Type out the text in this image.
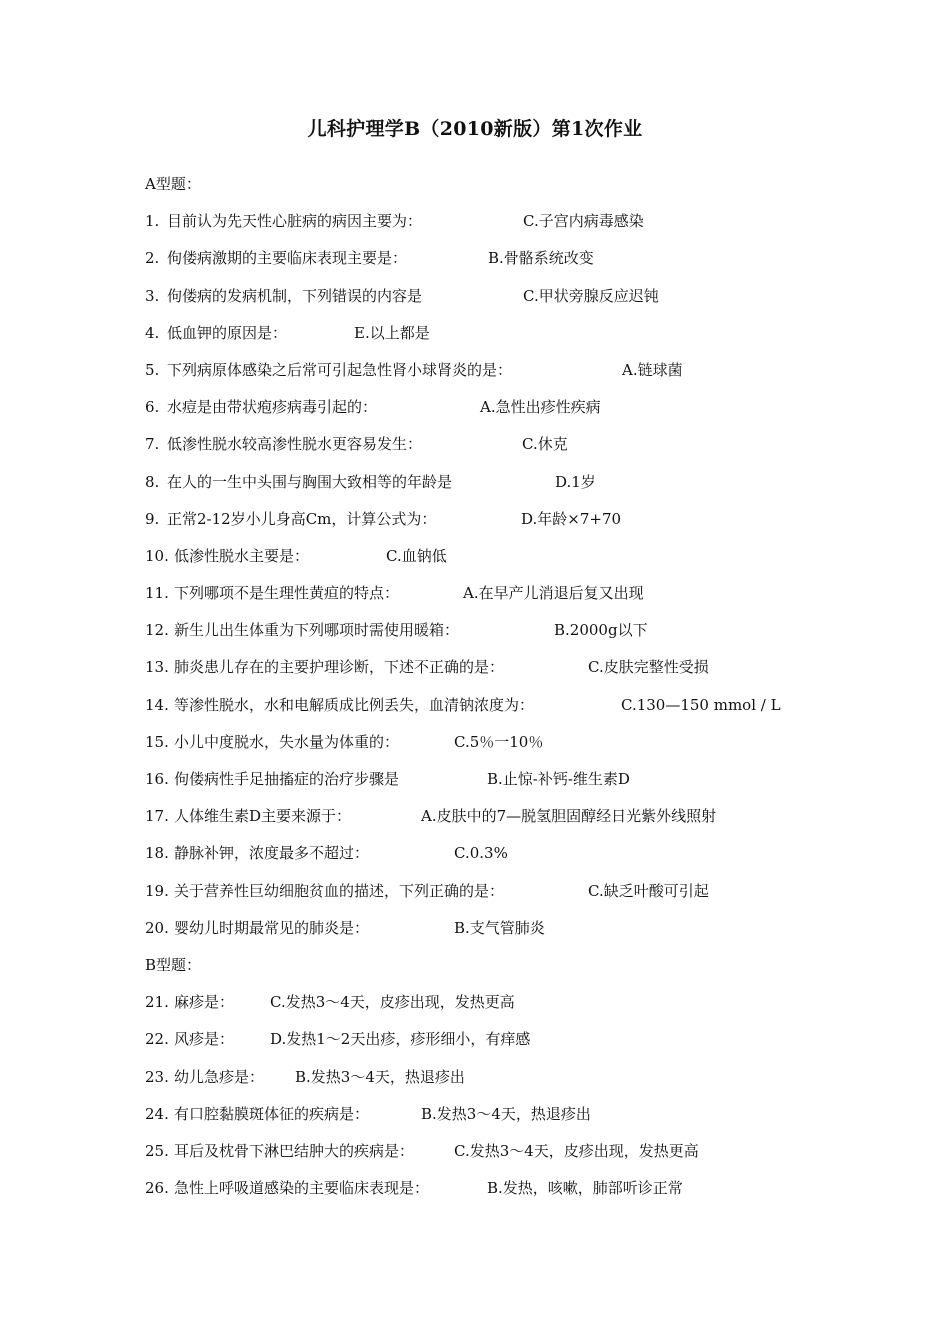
儿科护理学B（2010新版）第1次作业
A型题：
1. 目前认为先天性心脏病的病因主要为：	C.子宫内病毒感染
2. 佝偻病激期的主要临床表现主要是：	B.骨骼系统改变
3. 佝偻病的发病机制，下列错误的内容是	C.甲状旁腺反应迟钝
4. 低血钾的原因是：	E.以上都是
5. 下列病原体感染之后常可引起急性肾小球肾炎的是：	A.链球菌
6. 水痘是由带状疱疹病毒引起的：	A.急性出疹性疾病
7. 低渗性脱水较高渗性脱水更容易发生：	C.休克
8. 在人的一生中头围与胸围大致相等的年龄是	D.1岁
9. 正常2-12岁小儿身高Cm，计算公式为：	D.年龄×7+70
10. 低渗性脱水主要是：	C.血钠低
11. 下列哪项不是生理性黄疸的特点：	A.在早产儿消退后复又出现
12. 新生儿出生体重为下列哪项时需使用暖箱：	B.2000g以下
13. 肺炎患儿存在的主要护理诊断，下述不正确的是：	C.皮肤完整性受损
14. 等渗性脱水，水和电解质成比例丢失，血清钠浓度为：	C.130—150 mmol / L
15. 小儿中度脱水，失水量为体重的：	C.5％一10％
16. 佝偻病性手足抽搐症的治疗步骤是	B.止惊-补钙-维生素D
17. 人体维生素D主要来源于：	A.皮肤中的7—脱氢胆固醇经日光紫外线照射
18. 静脉补钾，浓度最多不超过：	C.0.3%
19. 关于营养性巨幼细胞贫血的描述，下列正确的是：	C.缺乏叶酸可引起
20. 婴幼儿时期最常见的肺炎是：	B.支气管肺炎
B型题：
21. 麻疹是： C.发热3～4天，皮疹出现，发热更高
22. 风疹是： D.发热1～2天出疹，疹形细小，有痒感
23. 幼儿急疹是： B.发热3～4天，热退疹出
24. 有口腔黏膜斑体征的疾病是：	B.发热3～4天，热退疹出
25. 耳后及枕骨下淋巴结肿大的疾病是：	C.发热3～4天，皮疹出现，发热更高
26. 急性上呼吸道感染的主要临床表现是：	B.发热，咳嗽，肺部听诊正常
